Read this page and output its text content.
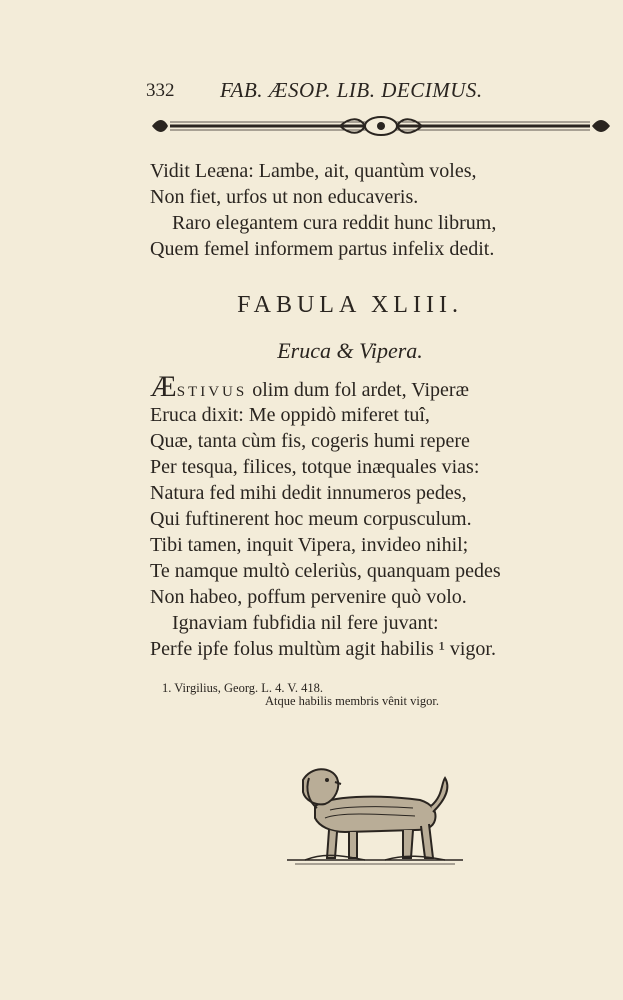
332 FAB. ÆSOP. LIB. DECIMUS.
Vidit Leæna: Lambe, ait, quantùm voles,
Non fiet, urfos ut non educaveris.
Raro elegantem cura reddit hunc librum,
Quem femel informem partus infelix dedit.
FABULA XLIII.
Eruca & Vipera.
ÆSTIVUS olim dum fol ardet, Viperæ
Eruca dixit: Me oppidò miferet tuî,
Quæ, tanta cùm fis, cogeris humi repere
Per tesqua, filices, totque inæquales vias:
Natura fed mihi dedit innumeros pedes,
Qui fuftinerent hoc meum corpusculum.
Tibi tamen, inquit Vipera, invideo nihil;
Te namque multò celeriùs, quanquam pedes
Non habeo, poffum pervenire quò volo.
Ignaviam fubfidia nil fere juvant:
Perfe ipfe folus multùm agit habilis ¹ vigor.
1. Virgilius, Georg. L. 4. V. 418.
Atque habilis membris vênit vigor.
